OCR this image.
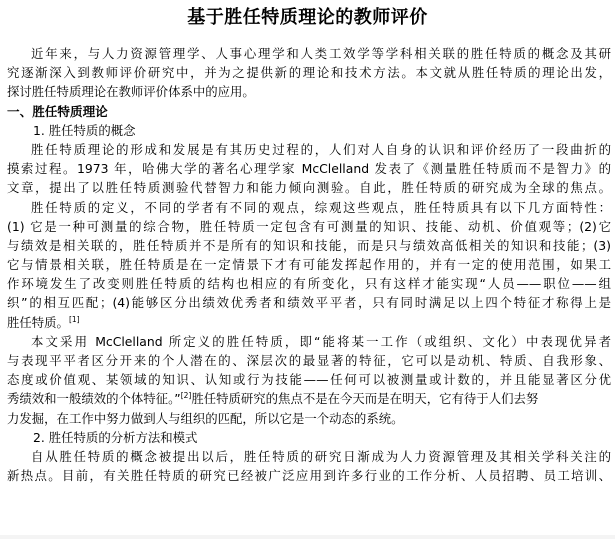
基于胜任特质理论的教师评价
近年来，与人力资源管理学、人事心理学和人类工效学等学科相关联的胜任特质的概念及其研
究逐渐深入到教师评价研究中，并为之提供新的理论和技术方法。本文就从胜任特质的理论出发，
探讨胜任特质理论在教师评价体系中的应用。
一、胜任特质理论
1. 胜任特质的概念
胜任特质理论的形成和发展是有其历史过程的，人们对人自身的认识和评价经历了一段曲折的
摸索过程。1973 年，哈佛大学的著名心理学家 McClelland 发表了《测量胜任特质而不是智力》的
文章，提出了以胜任特质测验代替智力和能力倾向测验。自此，胜任特质的研究成为全球的焦点。
胜任特质的定义，不同的学者有不同的观点，综观这些观点，胜任特质具有以下几方面特性：
(1) 它是一种可测量的综合物，胜任特质一定包含有可测量的知识、技能、动机、价值观等；(2)它
与绩效是相关联的，胜任特质并不是所有的知识和技能，而是只与绩效高低相关的知识和技能；(3)
它与情景相关联，胜任特质是在一定情景下才有可能发挥起作用的，并有一定的使用范围，如果工
作环境发生了改变则胜任特质的结构也相应的有所变化，只有这样才能实现“人员——职位——组
织”的相互匹配；(4)能够区分出绩效优秀者和绩效平平者，只有同时满足以上四个特征才称得上是
胜任特质。[1]
本文采用 McClelland 所定义的胜任特质，即“能将某一工作（或组织、文化）中表现优异者
与表现平平者区分开来的个人潜在的、深层次的最显著的特征，它可以是动机、特质、自我形象、
态度或价值观、某领域的知识、认知或行为技能——任何可以被测量或计数的，并且能显著区分优
秀绩效和一般绩效的个体特征。”[2]胜任特质研究的焦点不是在今天而是在明天，它有待于人们去努
力发掘，在工作中努力做到人与组织的匹配，所以它是一个动态的系统。
2. 胜任特质的分析方法和模式
自从胜任特质的概念被提出以后，胜任特质的研究日渐成为人力资源管理及其相关学科关注的
新热点。目前，有关胜任特质的研究已经被广泛应用到许多行业的工作分析、人员招聘、员工培训、
